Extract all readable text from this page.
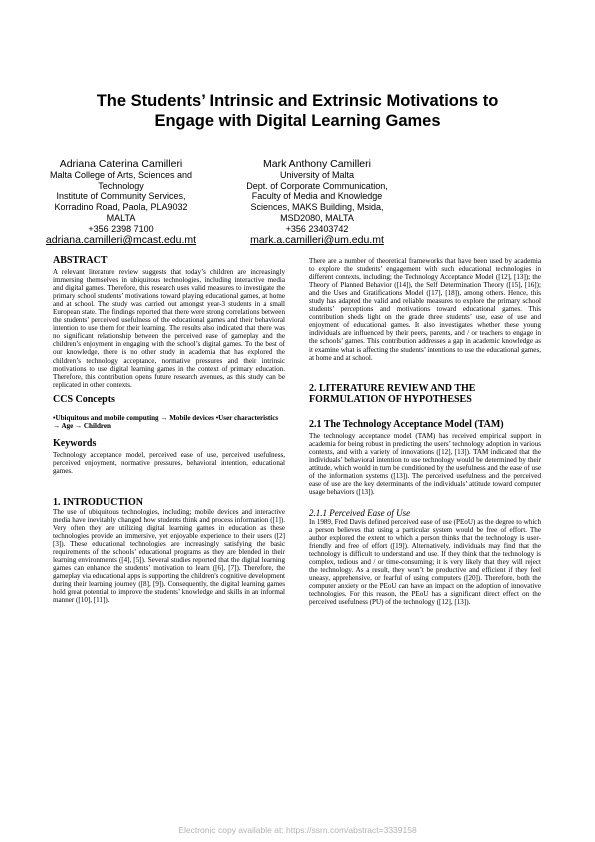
The Students’ Intrinsic and Extrinsic Motivations to
Engage with Digital Learning Games
Adriana Caterina Camilleri
Malta College of Arts, Sciences and
Technology
Institute of Community Services,
Korradino Road, Paola, PLA9032
MALTA
+356 2398 7100
adriana.camilleri@mcast.edu.mt
Mark Anthony Camilleri
University of Malta
Dept. of Corporate Communication,
Faculty of Media and Knowledge
Sciences, MAKS Building, Msida,
MSD2080, MALTA
+356 23403742
mark.a.camilleri@um.edu.mt
ABSTRACT

A relevant literature review suggests that today’s children are increasingly immersing themselves in ubiquitous technologies, including interactive media and digital games. Therefore, this research uses valid measures to investigate the primary school students’ motivations toward playing educational games, at home and at school. The study was carried out amongst year-3 students in a small European state. The findings reported that there were strong correlations between the students’ perceived usefulness of the educational games and their behavioral intention to use them for their learning. The results also indicated that there was no significant relationship between the perceived ease of gameplay and the children’s enjoyment in engaging with the school’s digital games. To the best of our knowledge, there is no other study in academia that has explored the children’s technology acceptance, normative pressures and their intrinsic motivations to use digital learning games in the context of primary education. Therefore, this contribution opens future research avenues, as this study can be replicated in other contexts.

CCS Concepts

•Ubiquitous and mobile computing → Mobile devices •User characteristics → Age → Children

Keywords

Technology acceptance model, perceived ease of use, perceived usefulness, perceived enjoyment, normative pressures, behavioral intention, educational games.

1. INTRODUCTION

The use of ubiquitous technologies, including; mobile devices and interactive media have inevitably changed how students think and process information ([1]). Very often they are utilizing digital learning games in education as these technologies provide an immersive, yet enjoyable experience to their users ([2] [3]). These educational technologies are increasingly satisfying the basic requirements of the schools’ educational programs as they are blended in their learning environments ([4], [5]). Several studies reported that the digital learning games can enhance the students’ motivation to learn ([6], [7]). Therefore, the gameplay via educational apps is supporting the children's cognitive development during their learning journey ([8], [9]). Consequently, the digital learning games hold great potential to improve the students’ knowledge and skills in an informal manner ([10], [11]).

There are a number of theoretical frameworks that have been used by academia to explore the students’ engagement with such educational technologies in different contexts, including; the Technology Acceptance Model ([12], [13]); the Theory of Planned Behavior ([14]), the Self Determination Theory ([15], [16]); and the Uses and Gratifications Model ([17], [18]), among others. Hence, this study has adapted the valid and reliable measures to explore the primary school students’ perceptions and motivations toward educational games. This contribution sheds light on the grade three students’ use, ease of use and enjoyment of educational games. It also investigates whether these young individuals are influenced by their peers, parents, and / or teachers to engage in the schools’ games. This contribution addresses a gap in academic knowledge as it examine what is affecting the students’ intentions to use the educational games, at home and at school.

2. LITERATURE REVIEW AND THE
FORMULATION OF HYPOTHESES
2.1 The Technology Acceptance Model (TAM)

The technology acceptance model (TAM) has received empirical support in academia for being robust in predicting the users’ technology adoption in various contexts, and with a variety of innovations ([12], [13]). TAM indicated that the individuals’ behavioral intention to use technology would be determined by their attitude, which would in turn be conditioned by the usefulness and the ease of use of the information systems ([13]). The perceived usefulness and the perceived ease of use are the key determinants of the individuals’ attitude toward computer usage behaviors ([13]).

2.1.1 Perceived Ease of Use

In 1989, Fred Davis defined perceived ease of use (PEoU) as the degree to which a person believes that using a particular system would be free of effort. The author explored the extent to which a person thinks that the technology is user-friendly and free of effort ([19]). Alternatively, individuals may find that the technology is difficult to understand and use. If they think that the technology is complex, tedious and / or time-consuming; it is very likely that they will reject the technology. As a result, they won’t be productive and efficient if they feel uneasy, apprehensive, or fearful of using computers ([20]). Therefore, both the computer anxiety or the PEoU can have an impact on the adoption of innovative technologies. For this reason, the PEoU has a significant direct effect on the perceived usefulness (PU) of the technology ([12], [13]).

Electronic copy available at: https://ssrn.com/abstract=3339158
